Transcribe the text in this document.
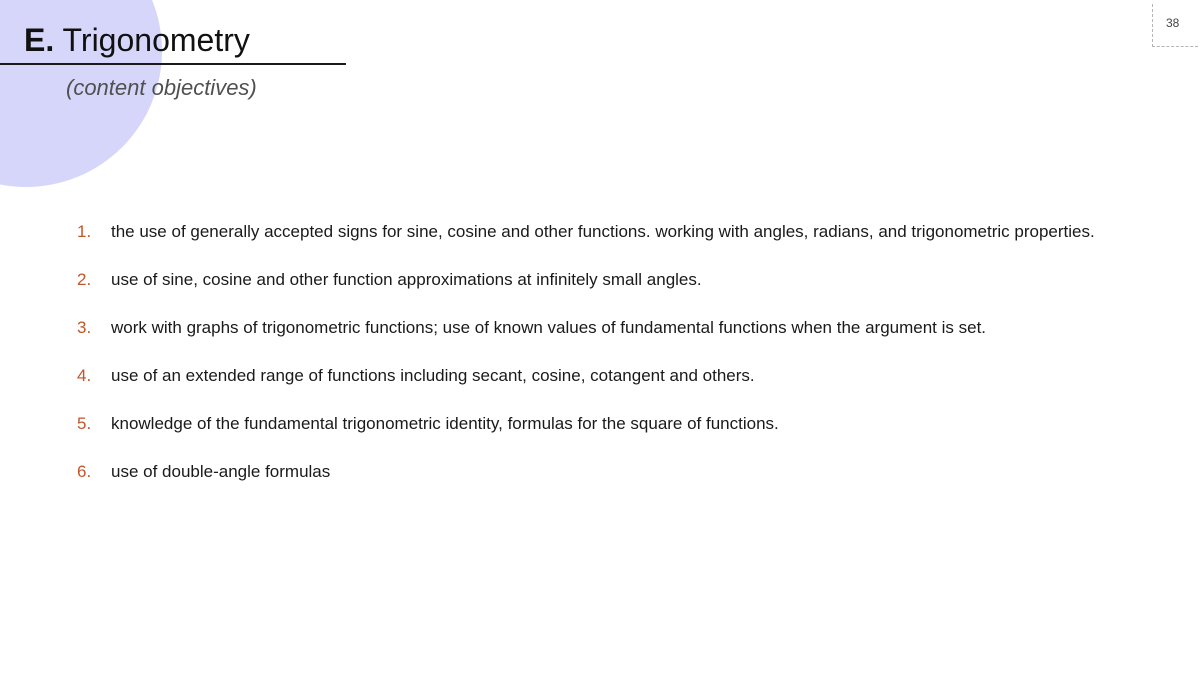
E. Trigonometry
(content objectives)
38
1. the use of generally accepted signs for sine, cosine and other functions. working with angles, radians, and trigonometric properties.
2. use of sine, cosine and other function approximations at infinitely small angles.
3. work with graphs of trigonometric functions; use of known values of fundamental functions when the argument is set.
4. use of an extended range of functions including secant, cosine, cotangent and others.
5. knowledge of the fundamental trigonometric identity, formulas for the square of functions.
6. use of double-angle formulas
